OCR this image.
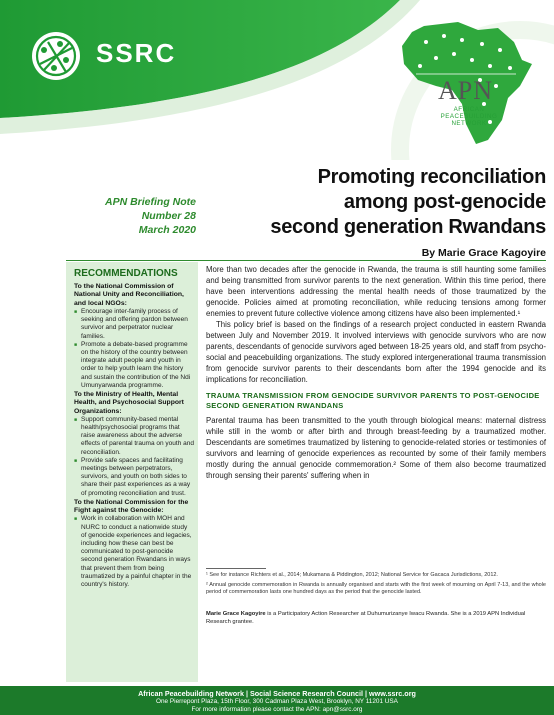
SSRC
APN
AFRICAN
PEACEBUILDING
NETWORK
APN Briefing Note
Number 28
March 2020
Promoting reconciliation
among post-genocide
second generation Rwandans
By Marie Grace Kagoyire
RECOMMENDATIONS
To the National Commission of National Unity and Reconciliation, and local NGOs:
■ Encourage inter-family process of seeking and offering pardon between survivor and perpetrator nuclear families.
■ Promote a debate-based programme on the history of the country between integrate adult people and youth in order to help youth learn the history and sustain the contribution of the Ndi Umunyarwanda programme.
To the Ministry of Health, Mental Health, and Psychosocial Support Organizations:
■ Support community-based mental health/psychosocial programs that raise awareness about the adverse effects of parental trauma on youth and reconciliation.
■ Provide safe spaces and facilitating meetings between perpetrators, survivors, and youth on both sides to share their past experiences as a way of promoting reconciliation and trust.
To the National Commission for the Fight against the Genocide:
■ Work in collaboration with MOH and NURC to conduct a nationwide study of genocide experiences and legacies, including how these can best be communicated to post-genocide second generation Rwandans in ways that prevent them from being traumatized by a painful chapter in the country's history.

More than two decades after the genocide in Rwanda, the trauma is still haunting some families and being transmitted from survivor parents to the next generation. Within this time period, there have been interventions addressing the mental health needs of those traumatized by the genocide. Policies aimed at promoting reconciliation, while reducing tensions among former enemies to prevent future collective violence among citizens have also been implemented.¹

This policy brief is based on the findings of a research project conducted in eastern Rwanda between July and November 2019. It involved interviews with genocide survivors who are now parents, descendants of genocide survivors aged between 18-25 years old, and staff from psycho-social and peacebuilding organizations. The study explored intergenerational trauma transmission from genocide survivor parents to their descendants born after the 1994 genocide and its implications for reconciliation.

TRAUMA TRANSMISSION FROM GENOCIDE SURVIVOR PARENTS TO POST-GENOCIDE SECOND GENERATION RWANDANS

Parental trauma has been transmitted to the youth through biological means: maternal distress while still in the womb or after birth and through breast-feeding by a traumatized mother. Descendants are sometimes traumatized by listening to genocide-related stories or testimonies of survivors and learning of genocide experiences as recounted by some of their family members mostly during the annual genocide commemoration.² Some of them also become traumatized through sensing their parents' suffering when in

¹ See for instance Richters et al., 2014; Mukamana & Piddington, 2012; National Service for Gacaca Jurisdictions, 2012.

² Annual genocide commemoration in Rwanda is annually organised and starts with the first week of mourning on April 7-13, and the whole period of commemoration lasts one hundred days as the period that the genocide lasted.

Marie Grace Kagoyire is a Participatory Action Researcher at Duhumurizanye Iwacu Rwanda. She is a 2019 APN Individual Research grantee.
African Peacebuilding Network | Social Science Research Council | www.ssrc.org
One Pierrepont Plaza, 15th Floor, 300 Cadman Plaza West, Brooklyn, NY 11201 USA
For more information please contact the APN: apn@ssrc.org
